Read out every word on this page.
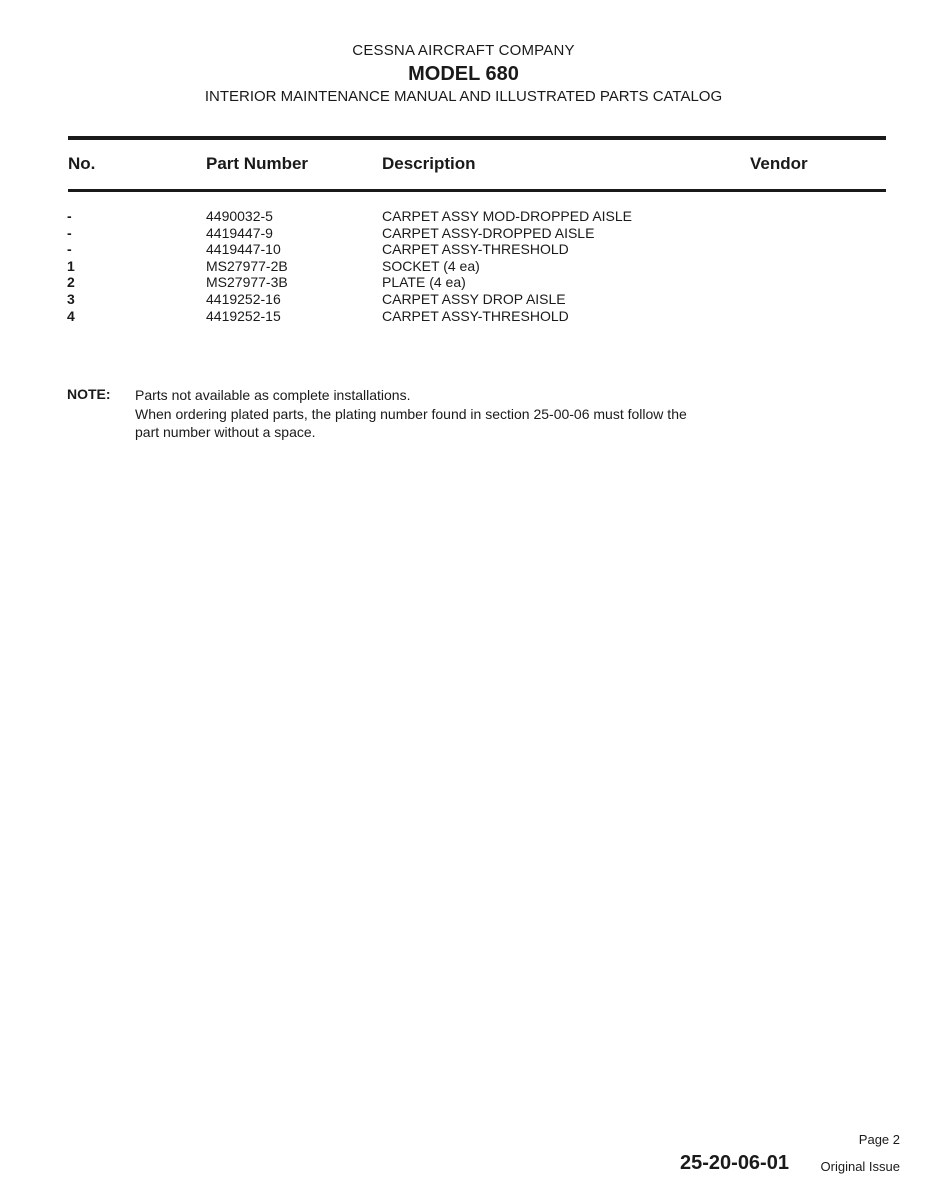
CESSNA AIRCRAFT COMPANY
MODEL 680
INTERIOR MAINTENANCE MANUAL AND ILLUSTRATED PARTS CATALOG
No.	Part Number	Description	Vendor
-	4490032-5	CARPET ASSY MOD-DROPPED AISLE
-	4419447-9	CARPET ASSY-DROPPED AISLE
-	4419447-10	CARPET ASSY-THRESHOLD
1	MS27977-2B	SOCKET (4 ea)
2	MS27977-3B	PLATE (4 ea)
3	4419252-16	CARPET ASSY DROP AISLE
4	4419252-15	CARPET ASSY-THRESHOLD
NOTE: Parts not available as complete installations.
When ordering plated parts, the plating number found in section 25-00-06 must follow the
part number without a space.
Page 2
25-20-06-01 Original Issue
